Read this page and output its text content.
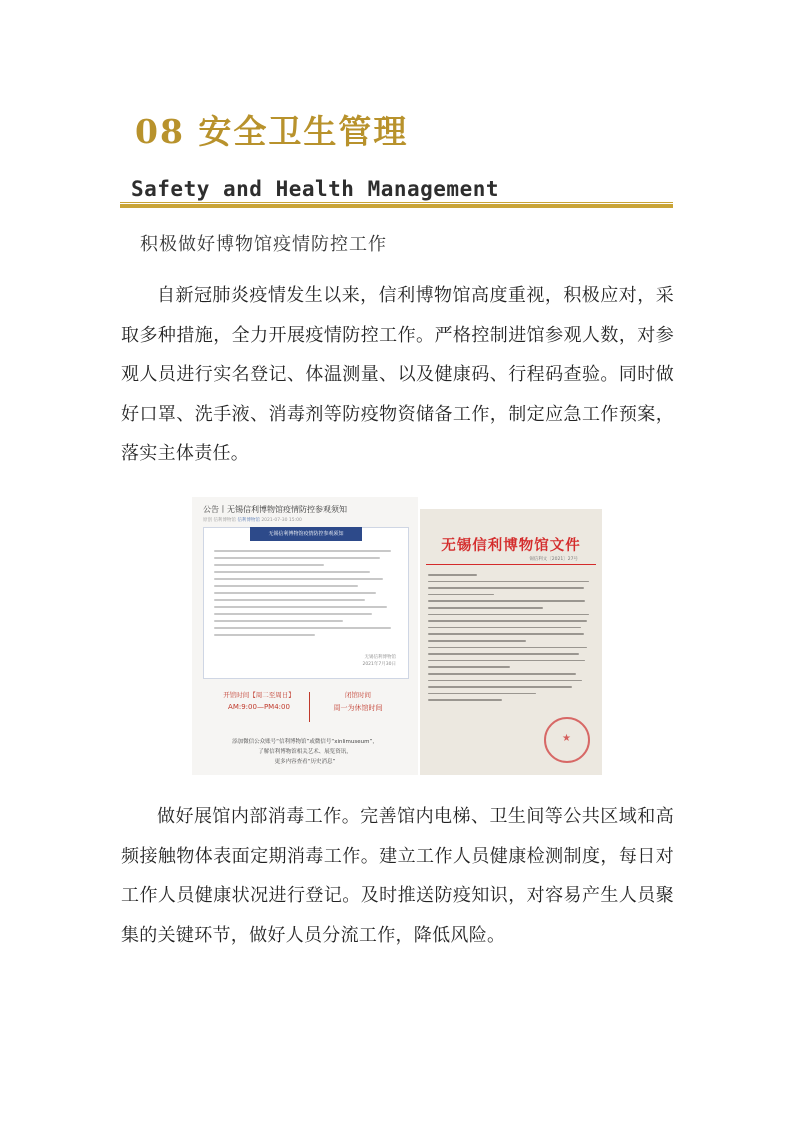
08 安全卫生管理
Safety and Health Management
积极做好博物馆疫情防控工作

自新冠肺炎疫情发生以来，信利博物馆高度重视，积极应对，采取多种措施，全力开展疫情防控工作。严格控制进馆参观人数，对参观人员进行实名登记、体温测量、以及健康码、行程码查验。同时做好口罩、洗手液、消毒剂等防疫物资储备工作，制定应急工作预案，落实主体责任。

公告丨无锡信利博物馆疫情防控参观须知
原创 信利博物馆 信利博物馆 2021-07-30 15:00
无锡信利博物馆疫情防控参观须知
无锡信利博物馆
2021年7月30日
开馆时间【周二至周日】
AM:9:00—PM4:00
闭馆时间
周一为休馆时间
添加微信公众账号“信利博物馆”或微信号“xinlimuseum”，
了解信利博物馆相关艺术、展览资讯，
更多内容查看“历史消息”
无锡信利博物馆文件
锡信利文〔2021〕27号
★

做好展馆内部消毒工作。完善馆内电梯、卫生间等公共区域和高频接触物体表面定期消毒工作。建立工作人员健康检测制度，每日对工作人员健康状况进行登记。及时推送防疫知识，对容易产生人员聚集的关键环节，做好人员分流工作，降低风险。
